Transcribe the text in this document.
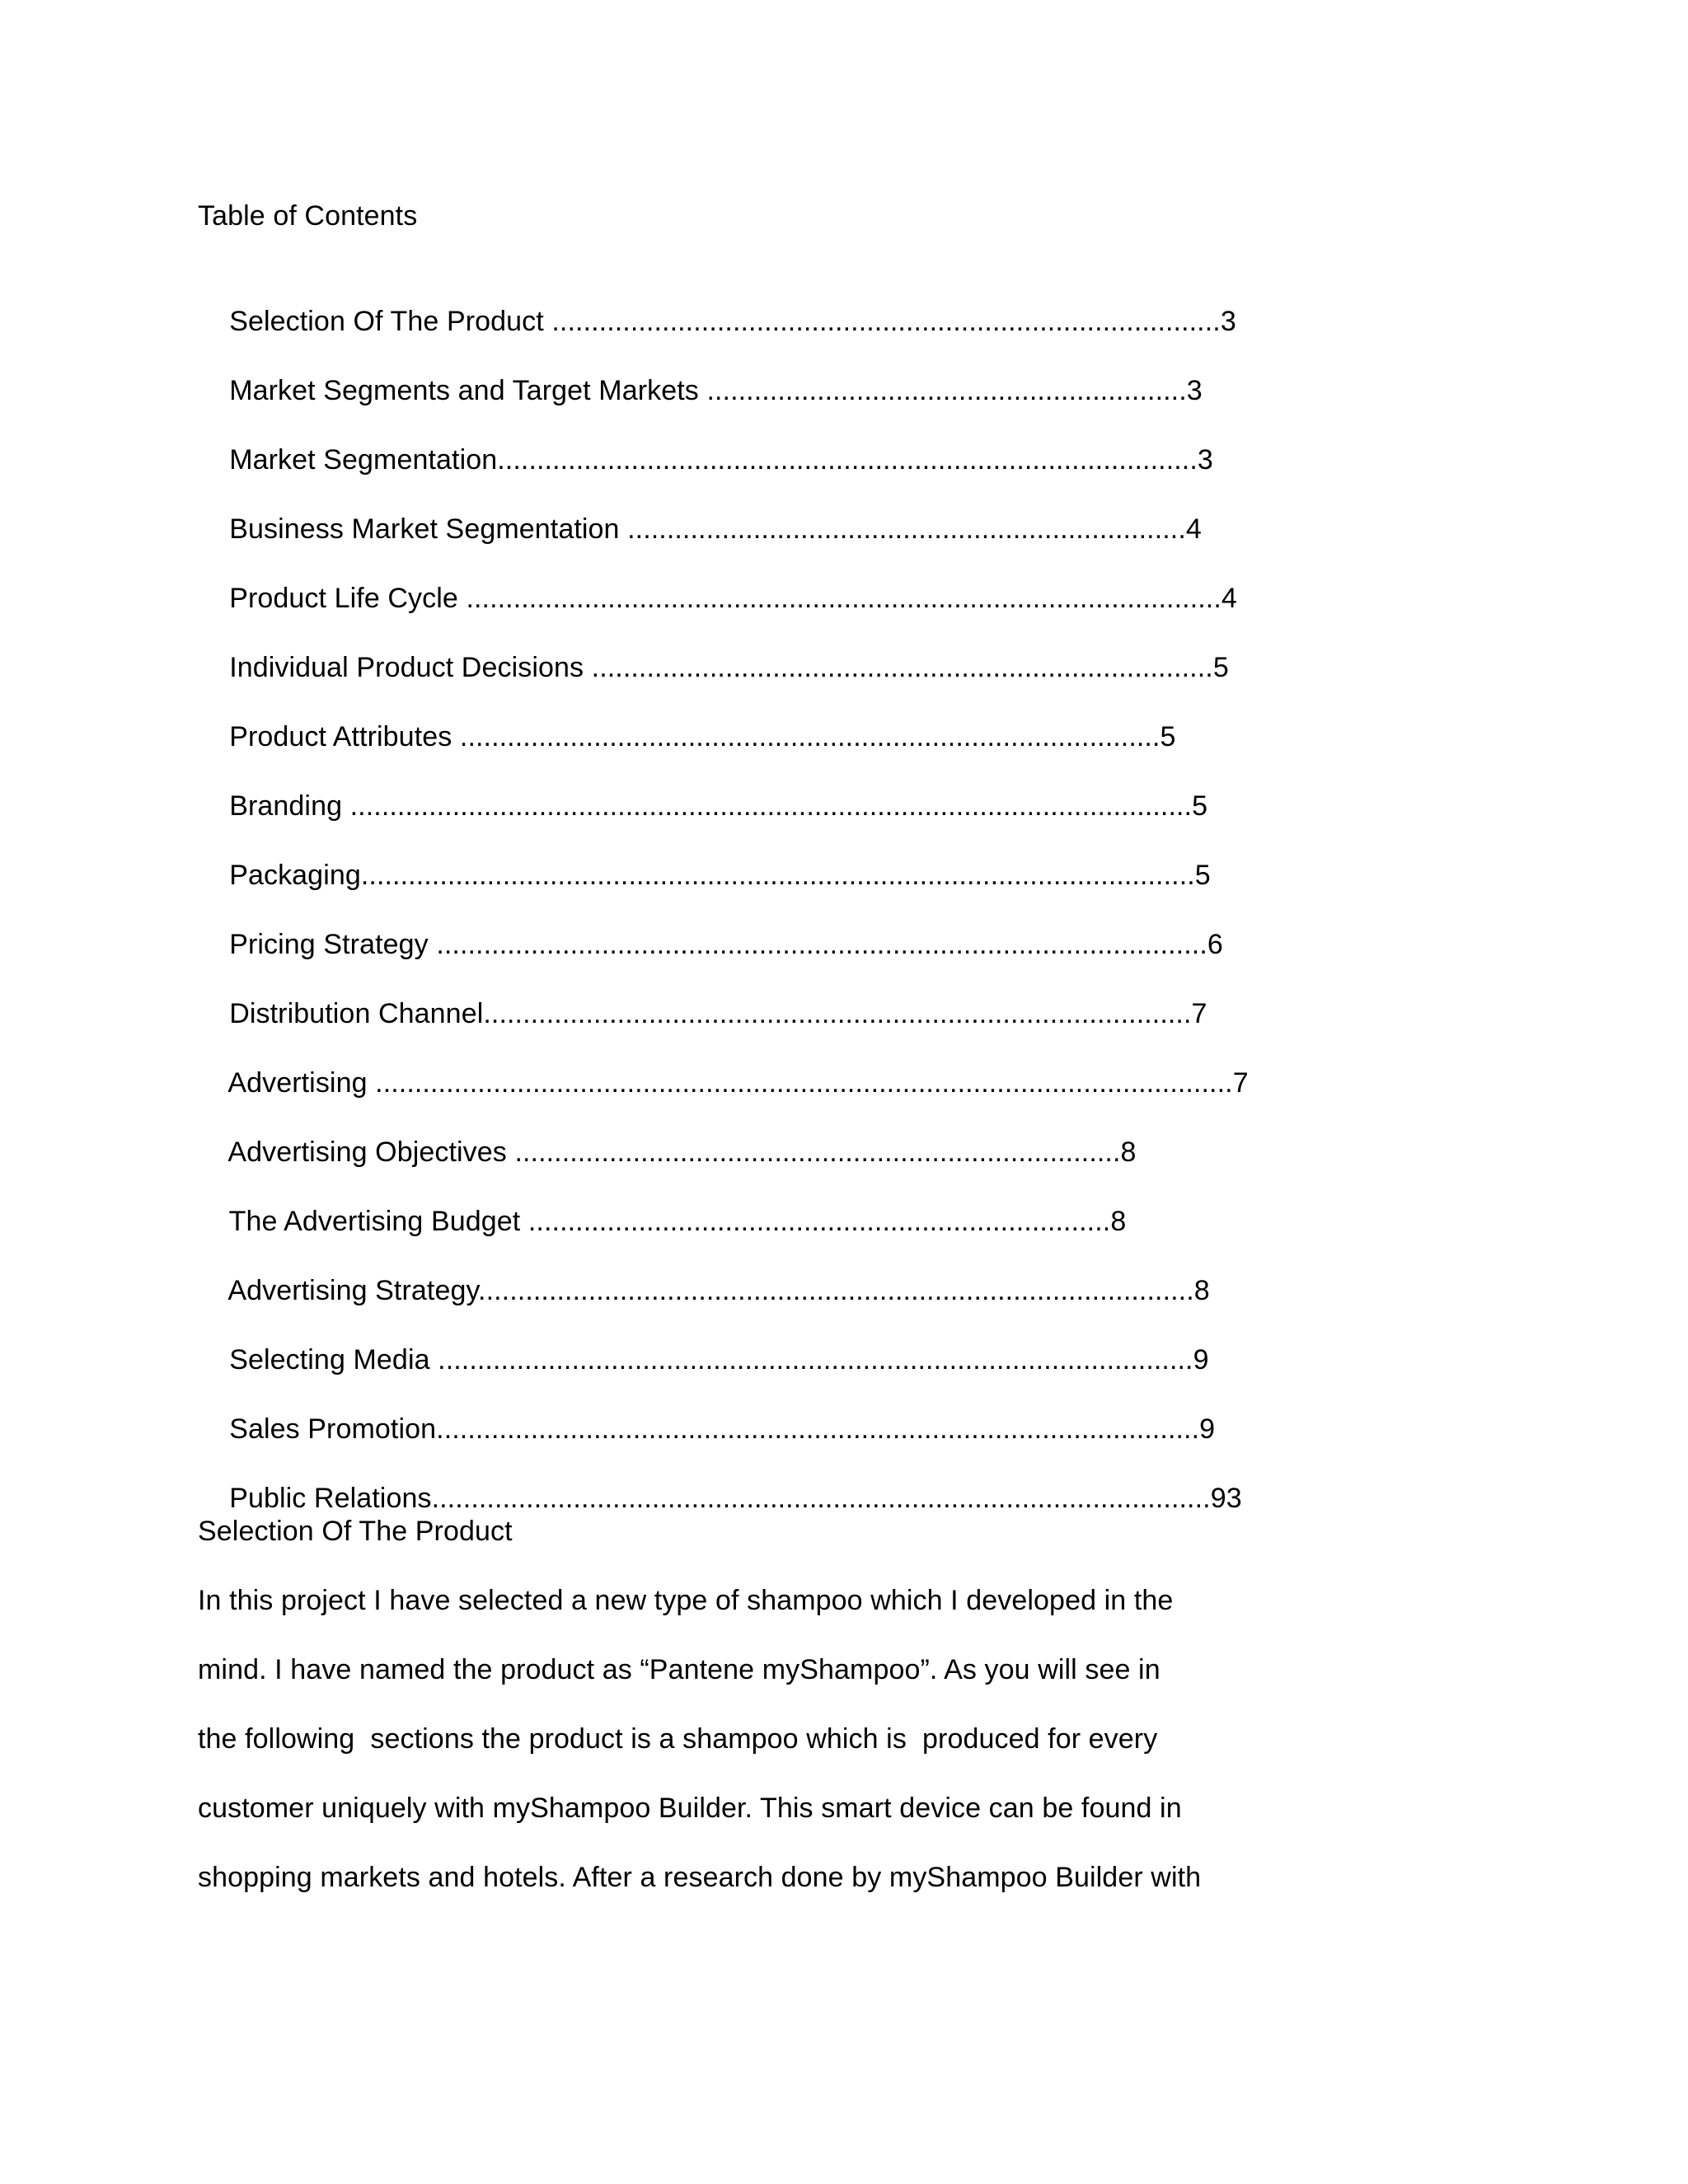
Table of Contents

Selection Of The Product .....................................................................................3

Market Segments and Target Markets .............................................................3

Market Segmentation.........................................................................................3

Business Market Segmentation .......................................................................4

Product Life Cycle ................................................................................................4

Individual Product Decisions ...............................................................................5

Product Attributes .........................................................................................5

Branding ...........................................................................................................5

Packaging..........................................................................................................5

Pricing Strategy ..................................................................................................6

Distribution Channel..........................................................................................7

Advertising .............................................................................................................7

Advertising Objectives .............................................................................8

The Advertising Budget ..........................................................................8

Advertising Strategy...........................................................................................8

Selecting Media ................................................................................................9

Sales Promotion.................................................................................................9

Public Relations...................................................................................................93

Selection Of The Product
In this project I have selected a new type of shampoo which I developed in the
mind. I have named the product as “Pantene myShampoo”. As you will see in
the following  sections the product is a shampoo which is  produced for every
customer uniquely with myShampoo Builder. This smart device can be found in
shopping markets and hotels. After a research done by myShampoo Builder with
